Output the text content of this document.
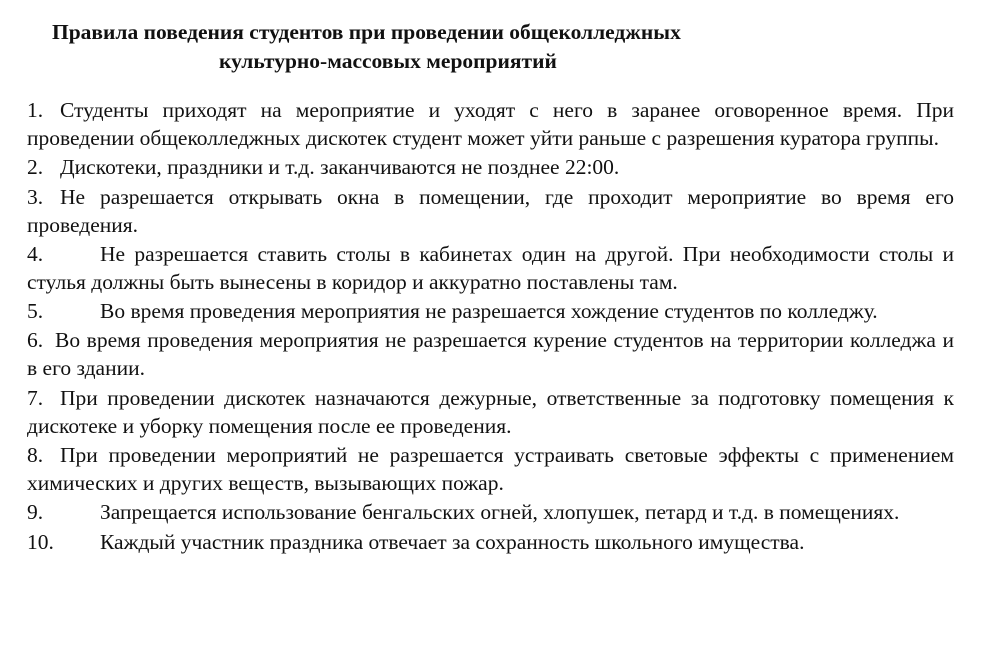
Правила поведения студентов при проведении общеколледжных
культурно-массовых мероприятий
1. Студенты приходят на мероприятие и уходят с него в заранее оговоренное время. При проведении общеколледжных дискотек студент может уйти раньше с разрешения куратора группы.
2. Дискотеки, праздники и т.д. заканчиваются не позднее 22:00.
3. Не разрешается открывать окна в помещении, где проходит мероприятие во время его проведения.
4.	Не разрешается ставить столы в кабинетах один на другой. При необходимости столы и стулья должны быть вынесены в коридор и аккуратно поставлены там.
5.	Во время проведения мероприятия не разрешается хождение студентов по колледжу.
6. Во время проведения мероприятия не разрешается курение студентов на территории колледжа и в его здании.
7. При проведении дискотек назначаются дежурные, ответственные за подготовку помещения к дискотеке и уборку помещения после ее проведения.
8. При проведении мероприятий не разрешается устраивать световые эффекты с применением химических и других веществ, вызывающих пожар.
9.	Запрещается использование бенгальских огней, хлопушек, петард и т.д. в помещениях.
10. Каждый участник праздника отвечает за сохранность школьного имущества.
